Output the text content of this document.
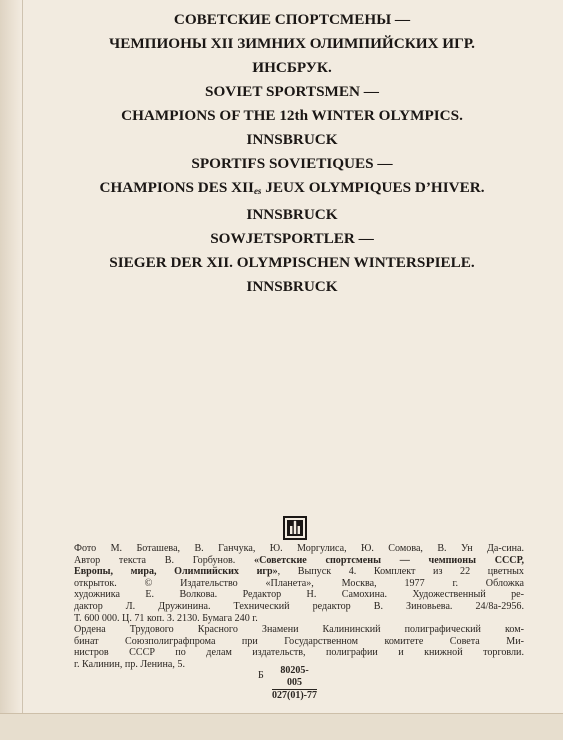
СОВЕТСКИЕ СПОРТСМЕНЫ —
ЧЕМПИОНЫ XII ЗИМНИХ ОЛИМПИЙСКИХ ИГР.
ИНСБРУК.
SOVIET SPORTSMEN —
CHAMPIONS OF THE 12th WINTER OLYMPICS.
INNSBRUCK
SPORTIFS SOVIETIQUES —
CHAMPIONS DES $XII_{es}$ JEUX OLYMPIQUES D’HIVER.
INNSBRUCK
SOWJETSPORTLER —
SIEGER DER XII. OLYMPISCHEN WINTERSPIELE.
INNSBRUCK
Фото М. Боташева, В. Ганчука, Ю. Моргулиса, Ю. Сомова, В. Ун Да-сина.
Автор текста В. Горбунов. «Советские спортсмены — чемпионы СССР,
Европы, мира, Олимпийских игр», Выпуск 4. Комплект из 22 цветных
открыток. © Издательство «Планета», Москва, 1977 г. Обложка
художника Е. Волкова. Редактор Н. Самохина. Художественный ре-
дактор Л. Дружинина. Технический редактор В. Зиновьева. 24/8а-2956.
Т. 600 000. Ц. 71 коп. З. 2130. Бумага 240 г.
Ордена Трудового Красного Знамени Калининский полиграфический ком-
бинат Союзполиграфпрома при Государственном комитете Совета Ми-
нистров СССР по делам издательств, полиграфии и книжной торговли.
г. Калинин, пр. Ленина, 5.
Б $\frac{80205-005}{027(01)-77}$
